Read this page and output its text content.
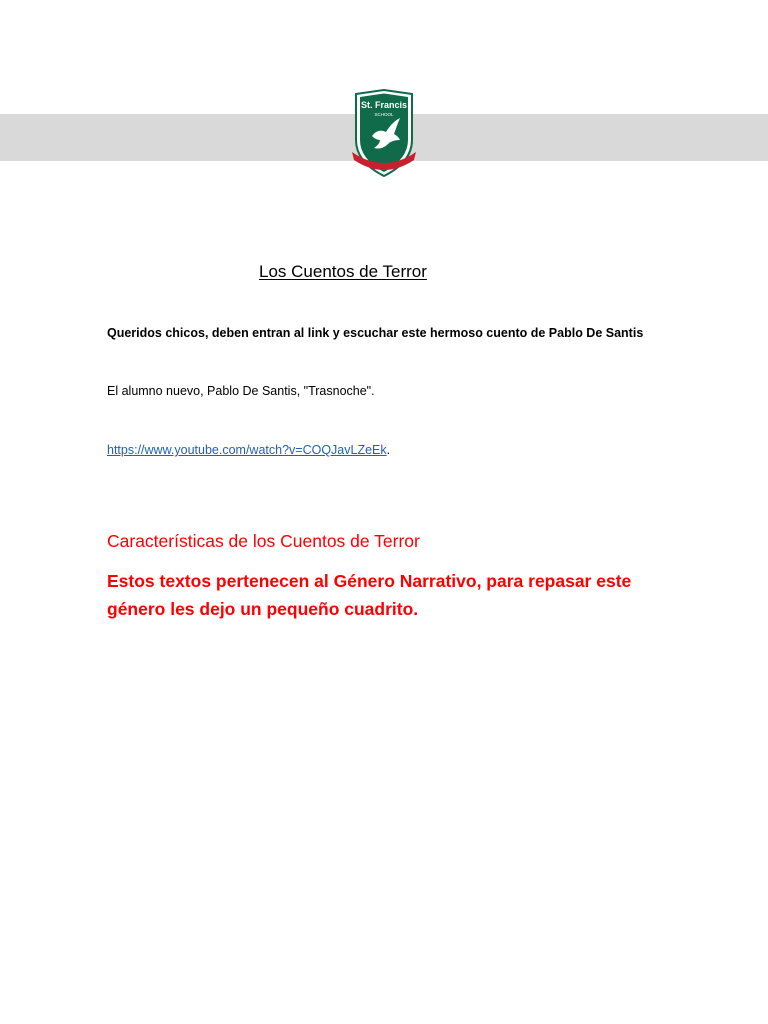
St. Francis
SCHOOL
Los Cuentos de Terror

Queridos chicos, deben entran al link y escuchar este hermoso cuento de Pablo De Santis

El alumno nuevo, Pablo De Santis, "Trasnoche".

https://www.youtube.com/watch?v=COQJavLZeEk.

Características de los Cuentos de Terror

Estos textos pertenecen al Género Narrativo, para repasar este género les dejo un pequeño cuadrito.
